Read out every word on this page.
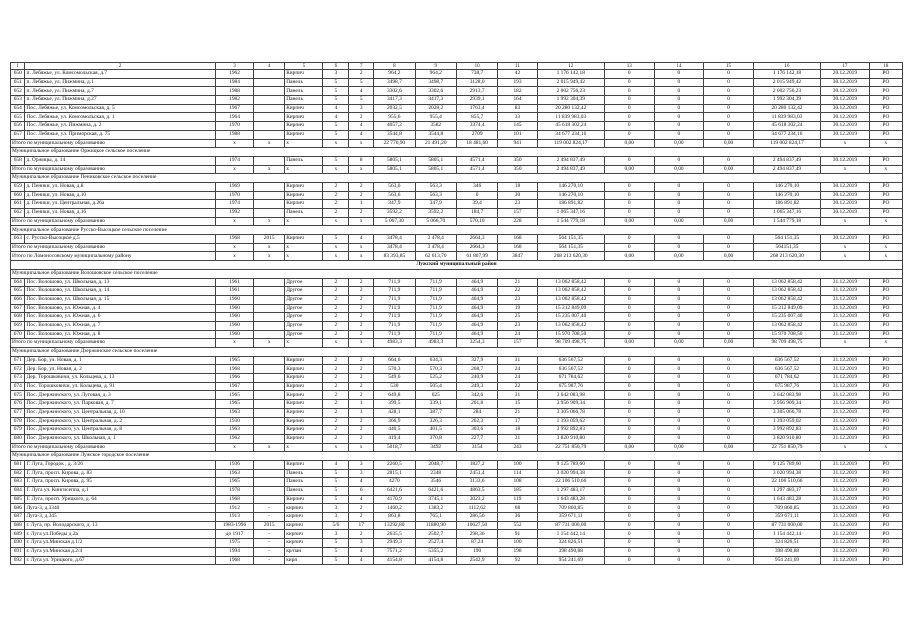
1	2	3	4	5	6	7	8	9	10	11	12	13	14	15	16	17	18
650	п. Лебяжье, ул. Комсомольская, д.7	1962		Кирпич	3	2	964,2	964,2	738,7	42	1 176 142,18	0	0	0	1 176 142,18	20.12.2019	РО
651	п. Лебяжье, ул. Пижмина, д.1	1984		Панель	5	5	3498,7	3498,7	3128,0	193	2 015 949,42	0	0	0	2 015 949,42	30.12.2019	РО
652	п. Лебяжье, ул. Пижмина, д.7	1988		Панель	5	4	3302,6	3302,6	2913,7	182	2 002 756,23	0	0	0	2 002 756,23	30.12.2019	РО
653	п. Лебяжье, ул. Пижмина, д.27	1982		Панель	5	5	3417,3	3417,3	2939,1	164	1 992 304,39	0	0	0	1 992 304,39	30.12.2019	РО
654	Пос. Лебяжье, ул. Комсомольская, д. 5	1967		Кирпич	4	3	2032,5	2028,2	1763,4	83	20 280 132,42	0	0	0	20 280 132,42	30.12.2019	РО
655	Пос. Лебяжье, ул. Комсомольская, д. 1	1964		Кирпич	4	2	955,6	955,4	855,7	33	11 839 983,03	0	0	0	11 839 983,03	30.12.2019	РО
656	Пос. Лебяжье, ул. Пижмина, д. 2	1970		Кирпич	5	4	4057,2	3582	3374,4	145	45 618 302,24	0	0	0	45 618 302,24	30.12.2019	РО
657	Пос. Лебяжье, ул. Приморская, д. 75	1988		Кирпич	5	4	3544,8	3544,8	2709	101	34 677 234,16	0	0	0	34 677 234,16	30.12.2019	РО
Итого по муниципальному образованию		х	х	х	х	х	22 770,90	21 491,20	18 481,60	941	119 002 824,17	0,00	0,00	0,00	119 002 824,17	х	х
Муниципальное образование Оржицкое сельское поселение																	
658	д. Оржицы, д. 14	1974		Панель	5	8	5805,1	5805,1	4571,4	350	2 494 837,49	0	0	0	2 494 837,49	30.12.2019	РО
Итого по муниципальному образованию		х	х	х	х	х	5805,1	5805,1	4571,4	350	2 494 837,49	0,00	0,00	0,00	2 494 837,49	х	х
Муниципальное образование Пениковское сельское поселение																	
659	д. Пеники, ул. Новая, д.8	1969		Кирпич	2	2	563,6	563,3	346	18	146 270,10	0	0	0	146 270,10	30.12.2019	РО
660	д. Пеники, ул. Новая, д.10	1970		Кирпич	2	2	563,6	563,3	0	30	146 270,10	0	0	0	146 270,10	30.12.2019	РО
661	д. Пеники, ул. Центральная, д.26а	1974		Кирпич	2	1	347,9	347,9	39,4	23	186 891,82	0	0	0	186 891,82	30.12.2019	РО
662	д. Пеники, ул. Новая, д.16	1992		Панель	2	2	3592,2	3592,2	184,7	157	1 065 347,16	0	0	0	1 065 347,16	30.12.2019	РО
Итого по муниципальному образованию		х	х	х	х	х	5 067,30	5 066,70	570,10	228	1 544 779,18	0,00	0,00	0,00	1 544 779,18	х	х
Муниципальное образование Русско-Высоцкое сельское поселение																	
663	с. Русско-Высоцкое д.5	1968	2015	Кирпич	5	4	3478,4	3 478,4	2664,3	168	564 151,35	0	0	0	564 151,35	30.12.2019	РО
Итого по муниципальному образованию		х	х	х	х	х	3478,4	3 478,4	2664,3	168	564 151,35	0	0	0	564151,35	х	х
Итого по Ломоносовскому муниципальному району		х	х	х	х	х	83 393,85	62 613,70	61 807,99	3847	268 213 620,30	0,00	0,00	0,00	268 213 620,30	х	х
Лужский муниципальный район																	
Муниципальное образование Волошовское сельское поселение																	
664	Пос. Волошово, ул. Школьная, д. 13	1961		Другое	2	2	711,9	711,9	464,9	21	13 062 858,42	0	0	0	13 062 858,42	31.12.2019	РО
665	Пос. Волошово, ул. Школьная, д. 14	1961		Другое	2	2	711,9	711,9	464,9	22	13 062 858,42	0	0	0	13 062 858,42	31.12.2019	РО
666	Пос. Волошово, ул. Школьная, д. 15	1960		Другое	2	2	711,9	711,9	464,9	23	13 062 858,42	0	0	0	13 062 858,42	31.12.2019	РО
667	Пос. Волошово, ул. Южная, д. 4	1960		Другое	2	2	711,9	711,9	464,9	19	15 212 849,09	0	0	0	15 212 849,09	31.12.2019	РО
668	Пос. Волошово, ул. Южная, д. 6	1960		Другое	2	2	711,9	711,9	464,9	25	15 235 007,40	0	0	0	15 235 007,40	31.12.2019	РО
669	Пос. Волошово, ул. Южная, д. 7	1960		Другое	2	2	711,9	711,9	464,9	23	13 062 858,42	0	0	0	13 062 858,42	31.12.2019	РО
670	Пос. Волошово, ул. Южная, д. 8	1960		Другое	2	2	711,9	711,9	464,9	24	15 970 708,50	0	0	0	15 970 708,50	31.12.2019	РО
Итого по муниципальному образованию		х	х	х	х	х	4983,3	4983,3	3254,3	157	98 709 498,75	0,00	0,00	0,00	98 709 498,75	х	х
Муниципальное образование Дзержинское сельское поселение																	
671	Дер. Бор, ул. Новая, д. 1	1965		Кирпич	2	2	664,6	634,3	327,9	31	636 567,52	0	0	0	636 567,52	31.12.2019	РО
672	Дер. Бор, ул. Новая, д. 2	1968		Кирпич	2	2	570,3	570,3	268,7	24	636 567,52	0	0	0	636 567,52	31.12.2019	РО
673	Дер. Торошковичи, ул. Кольцева, д. 13	1966		Кирпич	2	2	549,6	525,2	240,9	24	671 784,62	0	0	0	671 784,62	31.12.2019	РО
674	Пос. Торошковичи, ул. Кольцева, д. 91	1967		Кирпич	2	2	530	505,4	249,3	22	675 987,76	0	0	0	675 987,76	31.12.2019	РО
675	Пос. Дзержинского, ул. Луговая, д. 3	1965		Кирпич	2	2	649,8	625	342,6	31	3 642 083,98	0	0	0	3 642 083,98	31.12.2019	РО
676	Пос. Дзержинского, ул. Парковая, д. 7	1965		Кирпич	2	1	399,5	339,1	201,8	15	3 956 909,34	0	0	0	3 956 909,34	31.12.2019	РО
677	Пос. Дзержинского, ул. Центральная, д. 10	1963		Кирпич	2	1	428,1	387,7	284	21	3 305 066,78	0	0	0	3 305 066,78	31.12.2019	РО
678	Пос. Дзержинского, ул. Центральная, д. 2	1930		Кирпич	2	2	366,9	326,3	262,3	17	1 393 059,62	0	0	0	1 393 059,62	31.12.2019	РО
679	Пос. Дзержинского, ул. Центральная, д. 8	1963		Кирпич	2	2	440,5	401,5	303,6	18	3 992 892,83	0	0	0	3 992 892,83	31.12.2019	РО
680	Пос. Дзержинского, ул. Школьная, д. 1	1962		Кирпич	2	2	419,4	370,8	227,7	31	3 820 910,80	0	0	0	3 820 910,80	31.12.2019	РО
Итого по муниципальному образованию		х	х	х	х	х	5018,7	3492	3154	243	22 751 850,79	0,00	0,00	0,00	22 751 850,79	х	х
Муниципальное образование Лужское городское поселение																	
681	Г. Луга, Городок , д. 3/26	1936		Кирпич	4	3	2260,5	2048,7	1827,2	100	9 125 789,60	0	0	0	9 125 789,60	31.12.2019	РО
682	Г. Луга, просп. Кирова, д. 83	1963		Панель	5	3	2815,1	2348	2451,4	114	3 020 994,38	0	0	0	3 020 994,38	31.12.2019	РО
683	Г. Луга, просп. Кирова, д. 95	1965		Панель	5	4	4270	3546	3133,6	108	22 106 510,66	0	0	0	22 106 510,66	31.12.2019	РО
684	Г. Луга ул. Кингисеппа, д.1	1978		Панель	5	6	6421,6	6421,6	4863,5	185	1 297 483,17	0	0	0	1 297 483,17	31.12.2019	РО
685	Г. Луга, просп. Урицкого, д. 64	1968		Кирпич	5	4	4170,9	3745,1	3023,2	119	1 643 483,28	0	0	0	1 643 483,28	31.12.2019	РО
686	Луга-3, д.3340	1912	-	кирпич	3	2	1460,2	1383,2	1112,62	68	709 860,85	0	0	0	709 860,85	31.12.2019	РО
687	Луга-3, д.345	1913	-	кирпич	3	2	863,8	765,1	286,56	36	359 671,11	0	0	0	359 671,11	31.12.2019	РО
688	г. Луга, пр. Володарского, д. 13	1983-1996	2015	кирпич	5/6	17	13292,80	11880,90	10627,50	552	87 731 000,00	0	0	0	87 731 000,00	31.12.2019	РО
689	г. Луга ул.Победы д.2а	до 1917	-	кирпич	3	2	2635,5	2502,7	298,36	91	1 154 442,14	0	0	0	1 154 442,14	31.12.2019	РО
690	г. Луга ул.Минская д.1/2	1975	-	кирпич	5	3	2949,3	2527,4	87,24	100	324 826,51	0	0	0	324 826,51	31.12.2019	РО
691	г. Луга ул.Минская д.2/4	1994	-	кр/пан	5	4	7571,2	5355,2	190	198	398 490,88	0	0	0	398 490,88	31.12.2019	РО
692	г. Луга ул. Урицкого, д.67	1968	-	кирп	5	4	4154,8	4154,8	2542,9	92	954 241,69	0	0	0	954 241,69	31.12.2019	РО
